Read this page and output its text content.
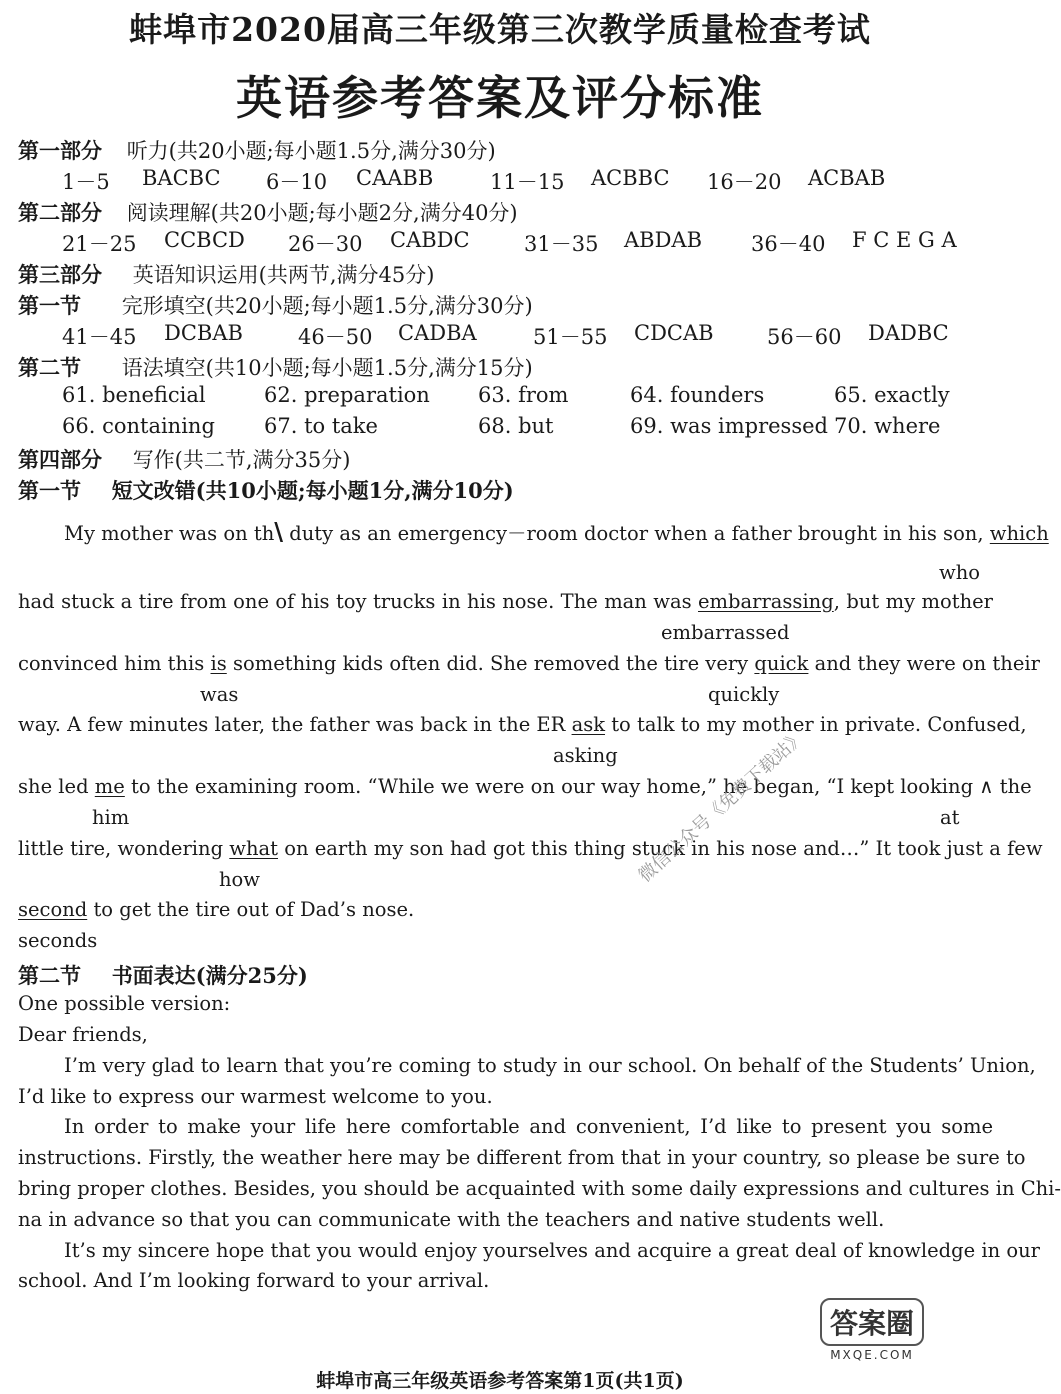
蚌埠市2020届高三年级第三次教学质量检查考试
英语参考答案及评分标准
第一部分 听力(共20小题;每小题1.5分,满分30分)
1－5 BACBC 6－10 CAABB	11－15 ACBBC 16－20 ACBAB
第二部分 阅读理解(共20小题;每小题2分,满分40分)
21－25 CCBCD 26－30 CABDC	31－35 ABDAB 36－40 F C E G A
第三部分 英语知识运用(共两节,满分45分)
第一节 完形填空(共20小题;每小题1.5分,满分30分)
41－45 DCBAB	46－50 CADBA	51－55 CDCAB	56－60 DADBC
第二节 语法填空(共10小题;每小题1.5分,满分15分)
61. beneficial	62. preparation 63. from	64. founders	65. exactly
66. containing 67. to take	68. but	69. was impressed 70. where
第四部分 写作(共二节,满分35分)
第一节 短文改错(共10小题;每小题1分,满分10分)
My mother was on th\ duty as an emergency－room doctor when a father brought in his son, which
who
had stuck a tire from one of his toy trucks in his nose. The man was embarrassing, but my mother
embarrassed
convinced him this is something kids often did. She removed the tire very quick and they were on their
was	quickly
way. A few minutes later, the father was back in the ER ask to talk to my mother in private. Confused,
asking
she led me to the examining room. “While we were on our way home,” he began, “I kept looking ∧ the
him	at
little tire, wondering what on earth my son had got this thing stuck in his nose and…” It took just a few
how
second to get the tire out of Dad’s nose.
seconds
第二节 书面表达(满分25分)
One possible version:
Dear friends,
I’m very glad to learn that you’re coming to study in our school. On behalf of the Students’ Union,
I’d like to express our warmest welcome to you.
In order to make your life here comfortable and convenient, I’d like to present you some
instructions. Firstly, the weather here may be different from that in your country, so please be sure to
bring proper clothes. Besides, you should be acquainted with some daily expressions and cultures in Chi-
na in advance so that you can communicate with the teachers and native students well.
It’s my sincere hope that you would enjoy yourselves and acquire a great deal of knowledge in our
school. And I’m looking forward to your arrival.
微信公众号《免费下载站》
答案圈
MXQE.COM
蚌埠市高三年级英语参考答案第1页(共1页)
